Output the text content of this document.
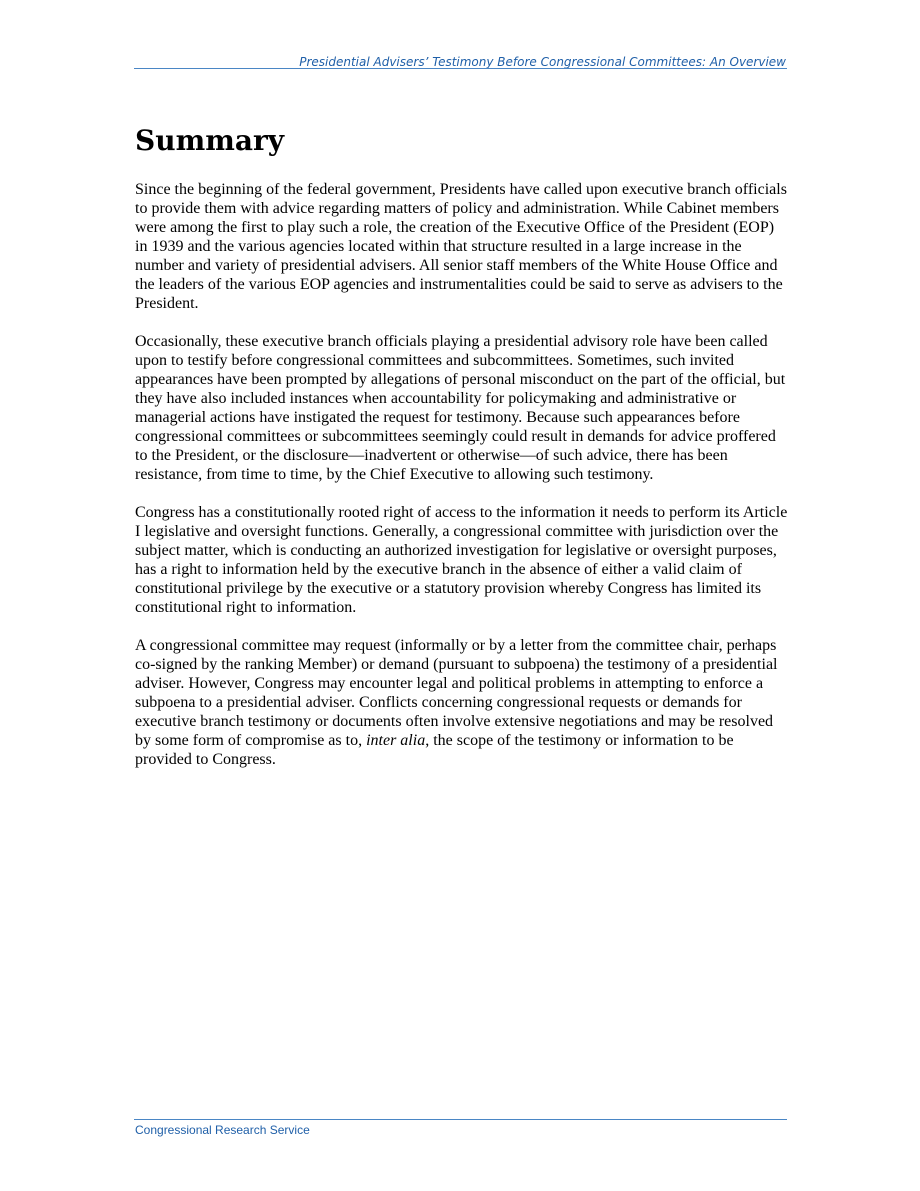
Presidential Advisers’ Testimony Before Congressional Committees: An Overview
Summary

Since the beginning of the federal government, Presidents have called upon executive branch officials to provide them with advice regarding matters of policy and administration. While Cabinet members were among the first to play such a role, the creation of the Executive Office of the President (EOP) in 1939 and the various agencies located within that structure resulted in a large increase in the number and variety of presidential advisers. All senior staff members of the White House Office and the leaders of the various EOP agencies and instrumentalities could be said to serve as advisers to the President.

Occasionally, these executive branch officials playing a presidential advisory role have been called upon to testify before congressional committees and subcommittees. Sometimes, such invited appearances have been prompted by allegations of personal misconduct on the part of the official, but they have also included instances when accountability for policymaking and administrative or managerial actions have instigated the request for testimony. Because such appearances before congressional committees or subcommittees seemingly could result in demands for advice proffered to the President, or the disclosure—inadvertent or otherwise—of such advice, there has been resistance, from time to time, by the Chief Executive to allowing such testimony.

Congress has a constitutionally rooted right of access to the information it needs to perform its Article I legislative and oversight functions. Generally, a congressional committee with jurisdiction over the subject matter, which is conducting an authorized investigation for legislative or oversight purposes, has a right to information held by the executive branch in the absence of either a valid claim of constitutional privilege by the executive or a statutory provision whereby Congress has limited its constitutional right to information.

A congressional committee may request (informally or by a letter from the committee chair, perhaps co-signed by the ranking Member) or demand (pursuant to subpoena) the testimony of a presidential adviser. However, Congress may encounter legal and political problems in attempting to enforce a subpoena to a presidential adviser. Conflicts concerning congressional requests or demands for executive branch testimony or documents often involve extensive negotiations and may be resolved by some form of compromise as to, inter alia, the scope of the testimony or information to be provided to Congress.

Congressional Research Service
